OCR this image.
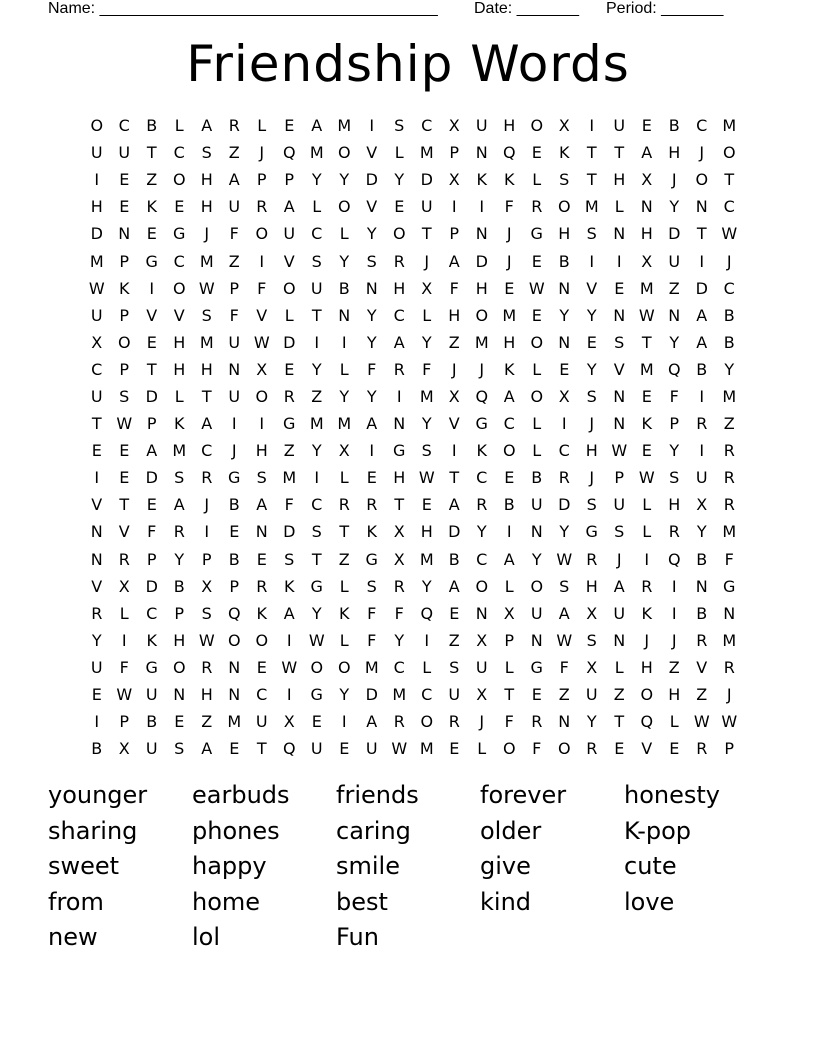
Name: ______________________________________ Date: _______ Period: _______
Friendship Words
O C	B	L	A	R	L	E	A M	I	S	C	X	U H O X	I	U	E	B	C M
U U	T	C	S	Z	J	Q M O V	L	M P	N Q	E	K	T	T	A	H	J	O
I	E	Z O H	A	P	P	Y	Y	D	Y	D X	K	K	L	S	T	H	X	J	O	T
H	E	K	E	H U	R	A	L	O V	E	U	I	I	F	R O M	L	N	Y	N C
D N	E	G	J	F	O U	C	L	Y	O	T	P	N	J	G H	S	N H D	T W
M P	G C M Z	I	V	S	Y	S	R	J	A D	J	E	B	I	I	X	U	I	J
W K	I	O W P	F	O U	B	N H	X	F	H	E W N	V	E M Z D C
U	P	V	V	S	F	V	L	T	N	Y	C	L	H O M E	Y	Y	N W N	A	B
X O	E	H M U W D	I	I	Y	A	Y	Z M H O N	E	S	T	Y	A	B
C	P	T	H H N	X	E	Y	L	F	R	F	J	J	K	L	E	Y	V M Q B	Y
U	S	D	L	T	U O R	Z	Y	Y	I	M X Q A O X	S	N	E	F	I	M
T W P	K	A	I	I	G M M A	N	Y	V G C	L	I	J	N	K	P	R	Z
E	E	A M C	J	H	Z	Y	X	I	G	S	I	K O	L	C H W E	Y	I	R
I	E	D	S	R G	S M	I	L	E	H W T	C	E	B	R	J	P W S	U	R
V	T	E	A	J	B	A	F	C	R	R	T	E	A	R	B	U D	S	U	L	H	X	R
N	V	F	R	I	E	N D	S	T	K	X	H D	Y	I	N	Y	G	S	L	R	Y M
N R	P	Y	P	B	E	S	T	Z G X M B	C	A	Y W R	J	I	Q B	F
V	X D B	X	P	R	K	G	L	S	R	Y	A O	L	O	S	H	A	R	I	N G
R	L	C	P	S	Q K	A	Y	K	F	F	Q	E	N	X	U	A	X	U	K	I	B	N
Y	I	K	H W O O	I	W L	F	Y	I	Z	X	P	N W S	N	J	J	R M
U	F	G O R N	E W O O M C	L	S	U	L	G	F	X	L	H	Z	V	R
E W U N H N C	I	G	Y	D M C	U	X	T	E	Z	U	Z O H	Z	J
I	P	B	E	Z M U	X	E	I	A	R O R	J	F	R N	Y	T	Q	L W W
B	X	U	S	A	E	T	Q U	E	U W M E	L	O	F	O R	E	V	E	R	P
younger	earbuds	friends	forever	honesty
sharing	phones	caring	older	K-pop
sweet	happy	smile	give	cute
from	home	best	kind	love
new	lol	Fun
